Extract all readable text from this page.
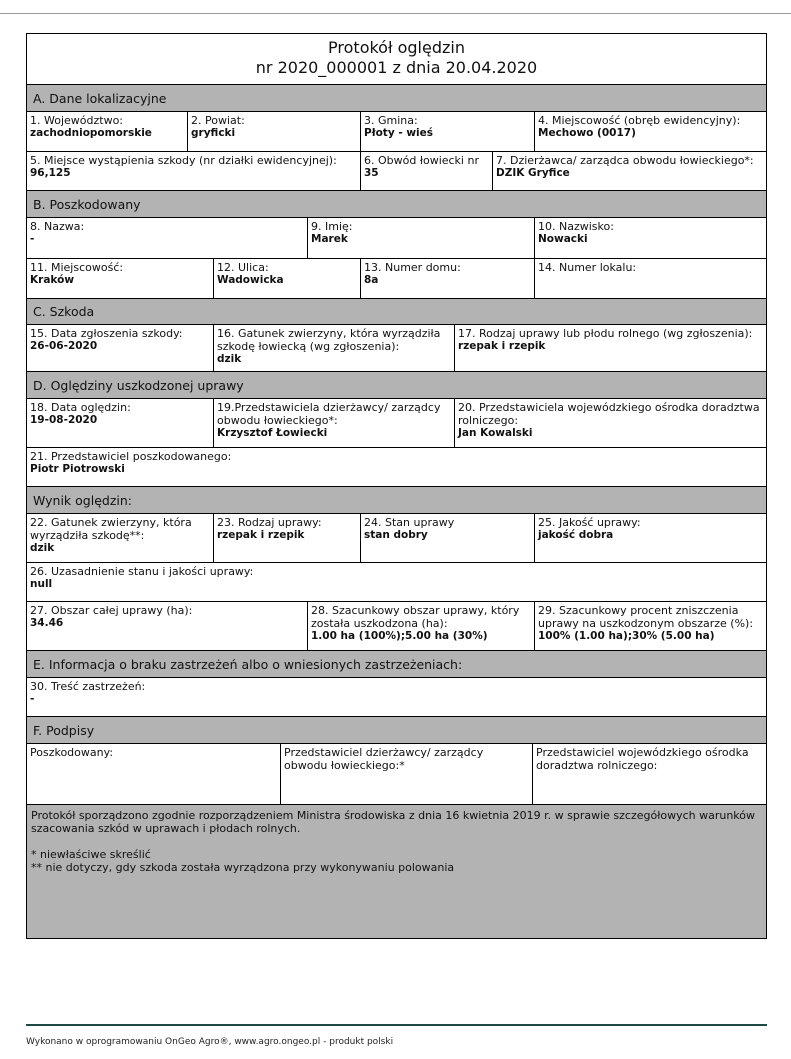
Protokół oględzin
nr 2020_000001 z dnia 20.04.2020
A. Dane lokalizacyjne
1. Województwo:
zachodniopomorskie
2. Powiat:
gryficki
3. Gmina:
Płoty - wieś
4. Miejscowość (obręb ewidencyjny):
Mechowo (0017)
5. Miejsce wystąpienia szkody (nr działki ewidencyjnej):
96,125
6. Obwód łowiecki nr
35
7. Dzierżawca/ zarządca obwodu łowieckiego*:
DZIK Gryfice
B. Poszkodowany
8. Nazwa:
-
9. Imię:
Marek
10. Nazwisko:
Nowacki
11. Miejscowość:
Kraków
12. Ulica:
Wadowicka
13. Numer domu:
8a
14. Numer lokalu:
C. Szkoda
15. Data zgłoszenia szkody:
26-06-2020
16. Gatunek zwierzyny, która wyrządziła szkodę łowiecką (wg zgłoszenia):
dzik
17. Rodzaj uprawy lub płodu rolnego (wg zgłoszenia):
rzepak i rzepik
D. Oględziny uszkodzonej uprawy
18. Data oględzin:
19-08-2020
19.Przedstawiciela dzierżawcy/ zarządcy obwodu łowieckiego*:
Krzysztof Łowiecki
20. Przedstawiciela wojewódzkiego ośrodka doradztwa rolniczego:
Jan Kowalski
21. Przedstawiciel poszkodowanego:
Piotr Piotrowski
Wynik oględzin:
22. Gatunek zwierzyny, która wyrządziła szkodę**:
dzik
23. Rodzaj uprawy:
rzepak i rzepik
24. Stan uprawy
stan dobry
25. Jakość uprawy:
jakość dobra
26. Uzasadnienie stanu i jakości uprawy:
null
27. Obszar całej uprawy (ha):
34.46
28. Szacunkowy obszar uprawy, który została uszkodzona (ha):
1.00 ha (100%);5.00 ha (30%)
29. Szacunkowy procent zniszczenia uprawy na uszkodzonym obszarze (%):
100% (1.00 ha);30% (5.00 ha)
E. Informacja o braku zastrzeżeń albo o wniesionych zastrzeżeniach:
30. Treść zastrzeżeń:
-
F. Podpisy
Poszkodowany:	Przedstawiciel dzierżawcy/ zarządcy obwodu łowieckiego:*
Przedstawiciel wojewódzkiego ośrodka doradztwa rolniczego:
Protokół sporządzono zgodnie rozporządzeniem Ministra środowiska z dnia 16 kwietnia 2019 r. w sprawie szczegółowych warunków szacowania szkód w uprawach i płodach rolnych.
* niewłaściwe skreślić
** nie dotyczy, gdy szkoda została wyrządzona przy wykonywaniu polowania
Wykonano w oprogramowaniu OnGeo Agro®, www.agro.ongeo.pl - produkt polski
